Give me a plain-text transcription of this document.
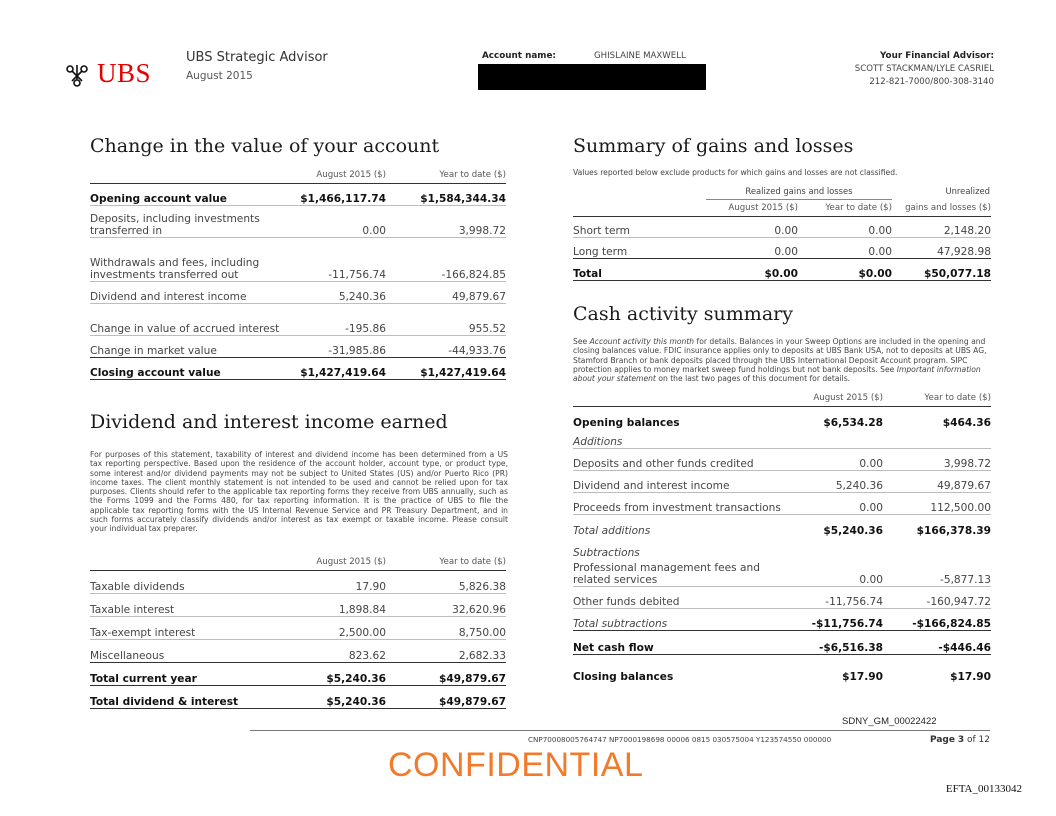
UBS
UBS Strategic Advisor
August 2015
Account name:	GHISLAINE MAXWELL	Your Financial Advisor:
SCOTT STACKMAN/LYLE CASRIEL
212-821-7000/800-308-3140
Change in the value of your account
	August 2015 ($)	Year to date ($)
Opening account value	$1,466,117.74	$1,584,344.34
Deposits, including investments transferred in	0.00	3,998.72
Withdrawals and fees, including investments transferred out	-11,756.74	-166,824.85
Dividend and interest income	5,240.36	49,879.67
Change in value of accrued interest	-195.86	955.52
Change in market value	-31,985.86	-44,933.76
Closing account value	$1,427,419.64	$1,427,419.64
Dividend and interest income earned
For purposes of this statement, taxability of interest and dividend income has been determined from a US tax reporting perspective. Based upon the residence of the account holder, account type, or product type, some interest and/or dividend payments may not be subject to United States (US) and/or Puerto Rico (PR) income taxes. The client monthly statement is not intended to be used and cannot be relied upon for tax purposes. Clients should refer to the applicable tax reporting forms they receive from UBS annually, such as the Forms 1099 and the Forms 480, for tax reporting information. It is the practice of UBS to file the applicable tax reporting forms with the US Internal Revenue Service and PR Treasury Department, and in such forms accurately classify dividends and/or interest as tax exempt or taxable income. Please consult your individual tax preparer.
	August 2015 ($)	Year to date ($)
Taxable dividends	17.90	5,826.38
Taxable interest	1,898.84	32,620.96
Tax-exempt interest	2,500.00	8,750.00
Miscellaneous	823.62	2,682.33
Total current year	$5,240.36	$49,879.67
Total dividend & interest	$5,240.36	$49,879.67
Summary of gains and losses
Values reported below exclude products for which gains and losses are not classified.
Realized gains and losses	Unrealized
	August 2015 ($)	Year to date ($)	gains and losses ($)
Short term	0.00	0.00	2,148.20
Long term	0.00	0.00	47,928.98
Total	$0.00	$0.00	$50,077.18
Cash activity summary
See Account activity this month for details. Balances in your Sweep Options are included in the opening and closing balances value. FDIC insurance applies only to deposits at UBS Bank USA, not to deposits at UBS AG, Stamford Branch or bank deposits placed through the UBS International Deposit Account program. SIPC protection applies to money market sweep fund holdings but not bank deposits. See Important information about your statement on the last two pages of this document for details.
	August 2015 ($)	Year to date ($)
Opening balances	$6,534.28	$464.36
Additions		
Deposits and other funds credited	0.00	3,998.72
Dividend and interest income	5,240.36	49,879.67
Proceeds from investment transactions	0.00	112,500.00
Total additions	$5,240.36	$166,378.39
Subtractions		
Professional management fees and related services	0.00	-5,877.13
Other funds debited	-11,756.74	-160,947.72
Total subtractions	-$11,756.74	-$166,824.85
Net cash flow	-$6,516.38	-$446.46
Closing balances	$17.90	$17.90
SDNY_GM_00022422
CNP70008005764747 NP7000198698 00006 0815 030575004 Y123574550 000000	Page 3 of 12
CONFIDENTIAL
EFTA_00133042
